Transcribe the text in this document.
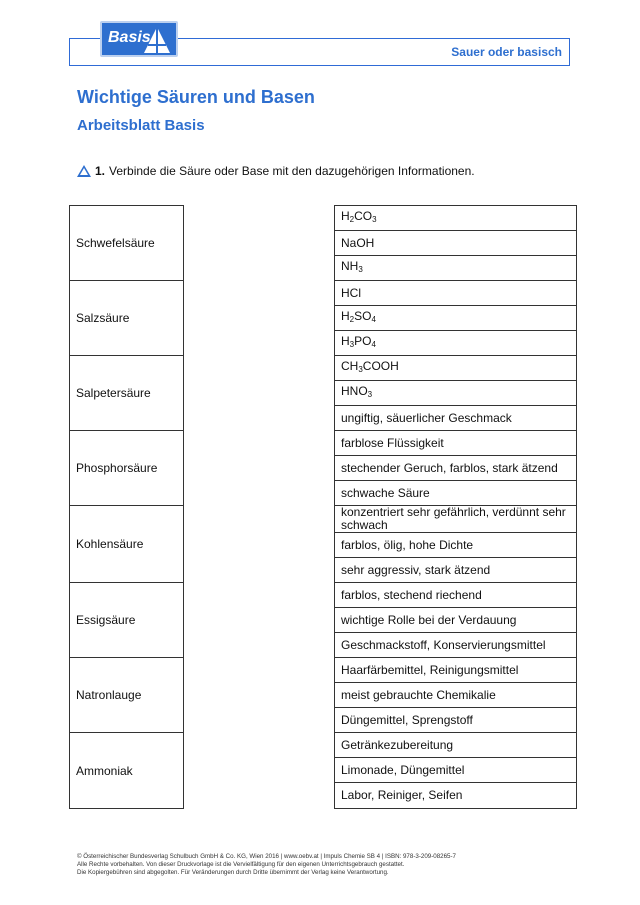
Basis
Sauer oder basisch
Wichtige Säuren und Basen
Arbeitsblatt Basis
1. Verbinde die Säure oder Base mit den dazugehörigen Informationen.
Schwefelsäure
Salzsäure
Salpetersäure
Phosphorsäure
Kohlensäure
Essigsäure
Natronlauge
Ammoniak
$H_2CO_3$
NaOH
$NH_3$
HCl
$H_2SO_4$
$H_3PO_4$
$CH_3COOH$
$HNO_3$
ungiftig, säuerlicher Geschmack
farblose Flüssigkeit
stechender Geruch, farblos, stark ätzend
schwache Säure
konzentriert sehr gefährlich, verdünnt sehr schwach
farblos, ölig, hohe Dichte
sehr aggressiv, stark ätzend
farblos, stechend riechend
wichtige Rolle bei der Verdauung
Geschmackstoff, Konservierungsmittel
Haarfärbemittel, Reinigungsmittel
meist gebrauchte Chemikalie
Düngemittel, Sprengstoff
Getränkezubereitung
Limonade, Düngemittel
Labor, Reiniger, Seifen
© Österreichischer Bundesverlag Schulbuch GmbH & Co. KG, Wien 2016 | www.oebv.at | Impuls Chemie SB 4 | ISBN: 978-3-209-08265-7
Alle Rechte vorbehalten. Von dieser Druckvorlage ist die Vervielfältigung für den eigenen Unterrichtsgebrauch gestattet.
Die Kopiergebühren sind abgegolten. Für Veränderungen durch Dritte übernimmt der Verlag keine Verantwortung.
